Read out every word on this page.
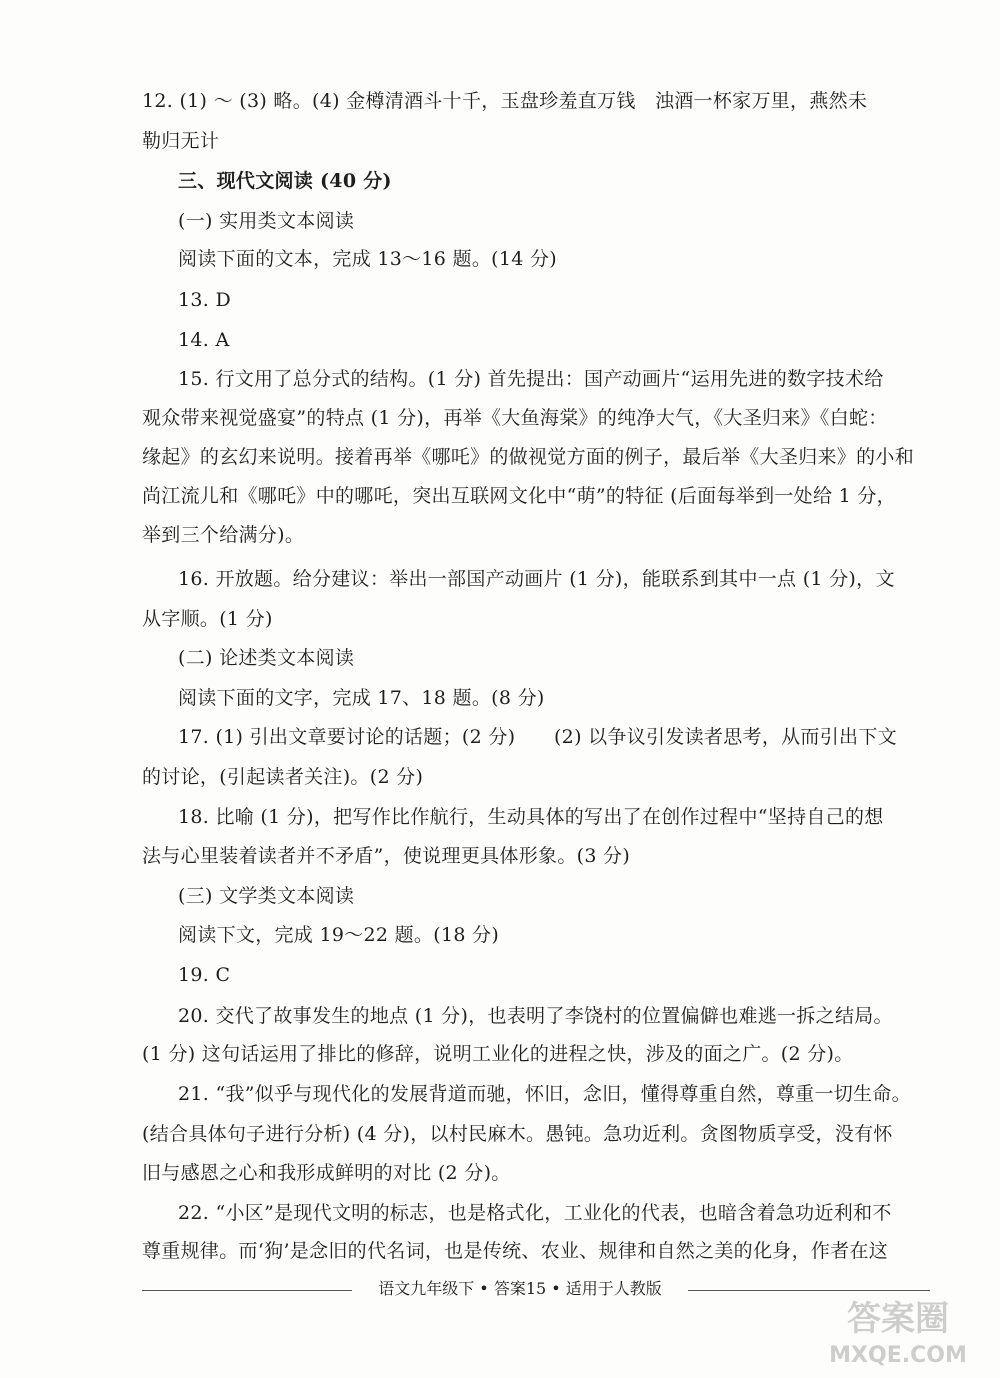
12. (1) ～ (3) 略。(4) 金樽清酒斗十千，玉盘珍羞直万钱　浊酒一杯家万里，燕然未
勒归无计
三、现代文阅读 (40 分)
(一) 实用类文本阅读
阅读下面的文本，完成 13～16 题。(14 分)
13. D
14. A
15. 行文用了总分式的结构。(1 分) 首先提出：国产动画片“运用先进的数字技术给
观众带来视觉盛宴”的特点 (1 分)，再举《大鱼海棠》的纯净大气，《大圣归来》《白蛇：
缘起》的玄幻来说明。接着再举《哪吒》的做视觉方面的例子，最后举《大圣归来》的小和
尚江流儿和《哪吒》中的哪吒，突出互联网文化中“萌”的特征 (后面每举到一处给 1 分，
举到三个给满分)。
16. 开放题。给分建议：举出一部国产动画片 (1 分)，能联系到其中一点 (1 分)，文
从字顺。(1 分)
(二) 论述类文本阅读
阅读下面的文字，完成 17、18 题。(8 分)
17. (1) 引出文章要讨论的话题；(2 分)　　(2) 以争议引发读者思考，从而引出下文
的讨论，(引起读者关注)。(2 分)
18. 比喻 (1 分)，把写作比作航行，生动具体的写出了在创作过程中“坚持自己的想
法与心里装着读者并不矛盾”，使说理更具体形象。(3 分)
(三) 文学类文本阅读
阅读下文，完成 19～22 题。(18 分)
19. C
20. 交代了故事发生的地点 (1 分)，也表明了李饶村的位置偏僻也难逃一拆之结局。
(1 分) 这句话运用了排比的修辞，说明工业化的进程之快，涉及的面之广。(2 分)。
21. “我”似乎与现代化的发展背道而驰，怀旧，念旧，懂得尊重自然，尊重一切生命。
(结合具体句子进行分析) (4 分)，以村民麻木。愚钝。急功近利。贪图物质享受，没有怀
旧与感恩之心和我形成鲜明的对比 (2 分)。
22. “小区”是现代文明的标志，也是格式化，工业化的代表，也暗含着急功近利和不
尊重规律。而‘狗’是念旧的代名词，也是传统、农业、规律和自然之美的化身，作者在这
语文九年级下 • 答案15 • 适用于人教版
答案圈
MXQE.COM
